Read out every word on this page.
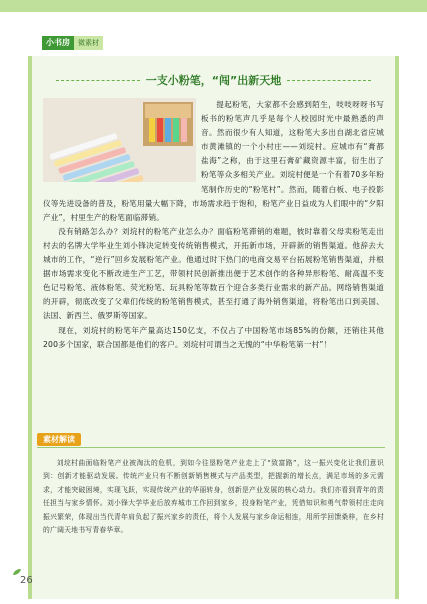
小书房	微素材
一支小粉笔，“闯”出新天地

提起粉笔，大家都不会感到陌生，吱吱呀呀书写板书的粉笔声几乎是每个人校园时光中最熟悉的声音。然而很少有人知道，这粉笔大多出自湖北省应城市黄滩镇的一个小村庄——刘垸村。应城市有“膏都盐海”之称，由于这里石膏矿藏资源丰富，衍生出了粉笔等众多相关产业。刘垸村便是一个有着70多年粉笔制作历史的“粉笔村”。然而，随着白板、电子投影仪等先进设备的普及，粉笔用量大幅下降，市场需求趋于饱和，粉笔产业日益成为人们眼中的“夕阳产业”，村里生产的粉笔面临滞销。

没有销路怎么办？刘垸村的粉笔产业怎么办？面临粉笔滞销的难题，彼时靠着父母卖粉笔走出村去的名牌大学毕业生刘小锋决定转变传统销售模式，开拓新市场，开辟新的销售渠道。他辞去大城市的工作，“逆行”回乡发展粉笔产业。他通过时下热门的电商交易平台拓展粉笔销售渠道，并根据市场需求变化不断改进生产工艺，带领村民创新推出便于艺术创作的各种异形粉笔、耐高温不变色记号粉笔、液体粉笔、荧光粉笔、玩具粉笔等数百个迎合多类行业需求的新产品。网络销售渠道的开辟，彻底改变了父辈们传统的粉笔销售模式，甚至打通了海外销售渠道，将粉笔出口到美国、法国、新西兰、俄罗斯等国家。

现在，刘垸村的粉笔年产量高达150亿支，不仅占了中国粉笔市场85%的份额，还销往其他200多个国家，联合国都是他们的客户。刘垸村可谓当之无愧的“中华粉笔第一村”！

素材解读

刘垸村曲面临粉笔产业被淘汰的危机，到如今往垦粉笔产业走上了“致富路”，这一振兴变化让我们意识到：创新才能驱动发展。传统产业只有不断创新销售模式与产品类型，把握新的增长点，满足市场的多元需求，才能突破困境，实现飞跃，实现传统产业的华丽转身，创新是产业发展的核心动力。我们亦看到青年的责任担当与家乡情怀。刘小锋大学毕业后放弃城市工作回到家乡，投身粉笔产业，凭借知识和勇气带领村庄走向振兴繁荣，体现出当代青年肩负起了振兴家乡的责任，将个人发展与家乡命运相连，用所学回馈桑梓，在乡村的广阔天地书写青春华章。

26
